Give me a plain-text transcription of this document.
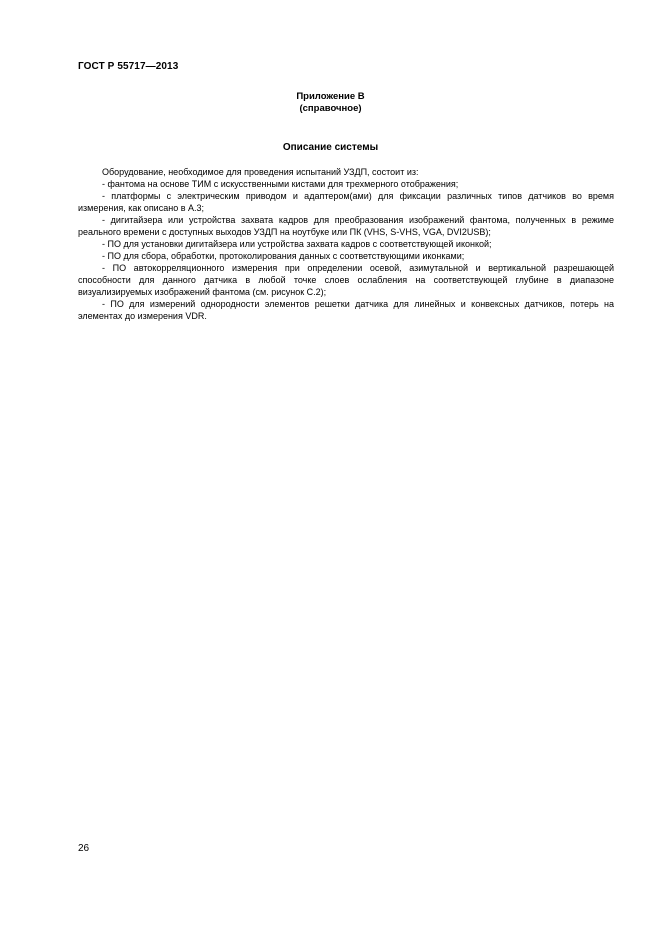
ГОСТ Р 55717—2013
Приложение В
(справочное)
Описание системы

Оборудование, необходимое для проведения испытаний УЗДП, состоит из:

- фантома на основе ТИМ с искусственными кистами для трехмерного отображения;

- платформы с электрическим приводом и адаптером(ами) для фиксации различных типов датчиков во время измерения, как описано в А.3;

- дигитайзера или устройства захвата кадров для преобразования изображений фантома, полученных в режиме реального времени с доступных выходов УЗДП на ноутбуке или ПК (VHS, S-VHS, VGA, DVI2USB);

- ПО для установки дигитайзера или устройства захвата кадров с соответствующей иконкой;

- ПО для сбора, обработки, протоколирования данных с соответствующими иконками;

- ПО автокорреляционного измерения при определении осевой, азимутальной и вертикальной разрешающей способности для данного датчика в любой точке слоев ослабления на соответствующей глубине в диапазоне визуализируемых изображений фантома (см. рисунок С.2);

- ПО для измерений однородности элементов решетки датчика для линейных и конвексных датчиков, потерь на элементах до измерения VDR.

26
